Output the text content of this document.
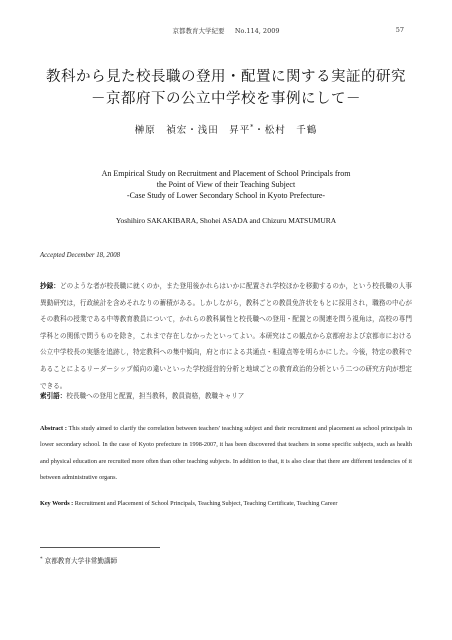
京都教育大学紀要 No.114, 2009	57
教科から見た校長職の登用・配置に関する実証的研究
－京都府下の公立中学校を事例にして－
榊原　禎宏・浅田　昇平*・松村　千鶴
An Empirical Study on Recruitment and Placement of School Principals from
the Point of View of their Teaching Subject
-Case Study of Lower Secondary School in Kyoto Prefecture-
Yoshihiro SAKAKIBARA, Shohei ASADA and Chizuru MATSUMURA
Accepted December 18, 2008
抄録：どのような者が校長職に就くのか，また登用後かれらはいかに配置され学校ほかを移動するのか，という校長職の人事異動研究は，行政統計を含めそれなりの蓄積がある。しかしながら，教科ごとの教員免許状をもとに採用され，職務の中心がその教科の授業である中等教育教員について，かれらの教科属性と校長職への登用・配置との関連を問う視角は，高校の専門学科との関係で問うものを除き，これまで存在しなかったといってよい。本研究はこの観点から京都府および京都市における公立中学校長の実態を追跡し，特定教科への集中傾向，府と市による共通点・相違点等を明らかにした。今後，特定の教科であることによるリーダーシップ傾向の違いといった学校経営的分析と地域ごとの教育政治的分析という二つの研究方向が想定できる。
索引語：校長職への登用と配置，担当教科，教員資格，教職キャリア
Abstract : This study aimed to clarify the correlation between teachers' teaching subject and their recruitment and placement as school principals in lower secondary school. In the case of Kyoto prefecture in 1998-2007, it has been discovered that teachers in some specific subjects, such as health and physical education are recruited more often than other teaching subjects. In addition to that, it is also clear that there are different tendencies of it between administrative organs.
Key Words : Recruitment and Placement of School Principals, Teaching Subject, Teaching Certificate, Teaching Career
* 京都教育大学非常勤講師
